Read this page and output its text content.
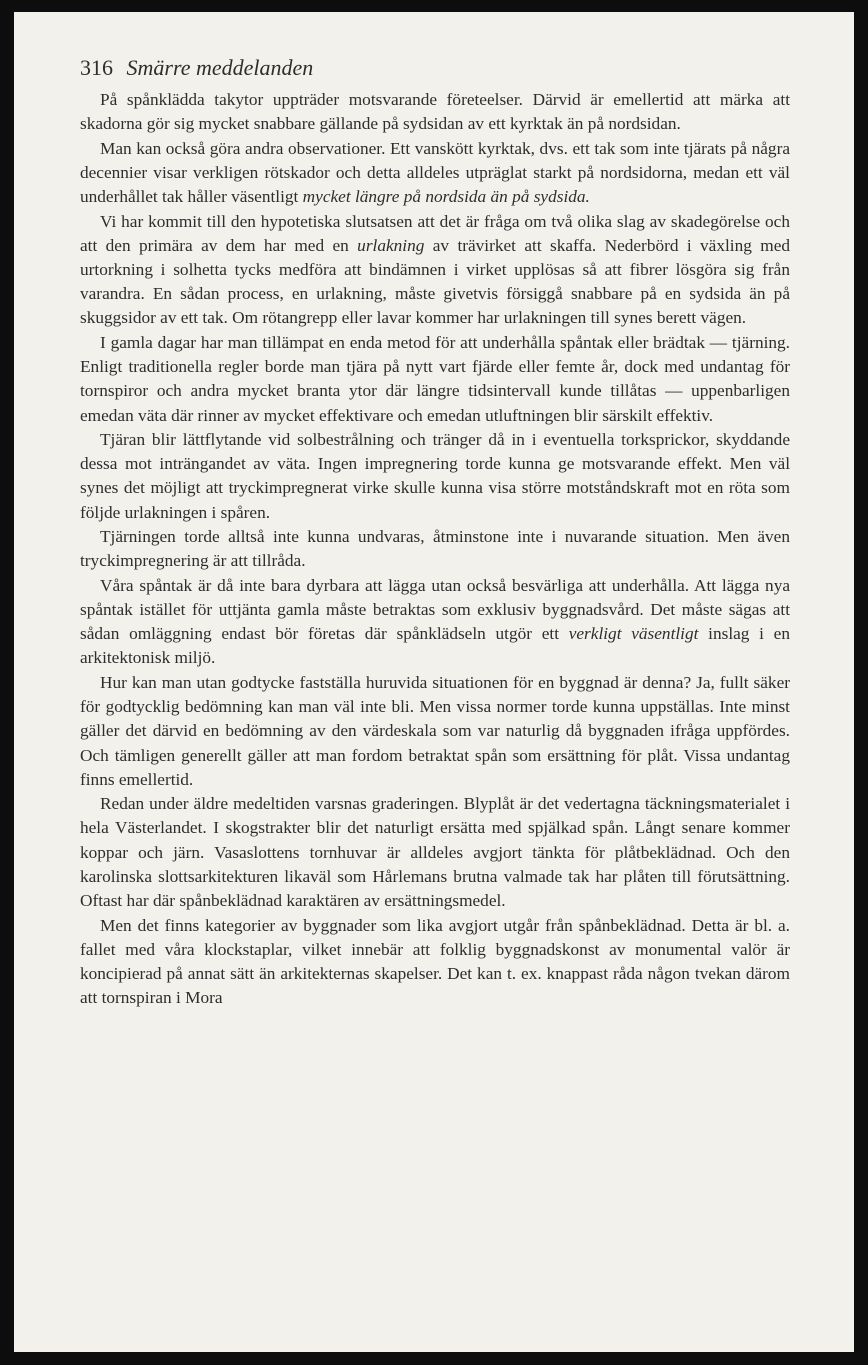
316 Smärre meddelanden

På spånklädda takytor uppträder motsvarande företeelser. Därvid är emellertid att märka att skadorna gör sig mycket snabbare gällande på sydsidan av ett kyrktak än på nordsidan.

Man kan också göra andra observationer. Ett vanskött kyrktak, dvs. ett tak som inte tjärats på några decennier visar verkligen rötskador och detta alldeles utpräglat starkt på nordsidorna, medan ett väl underhållet tak håller väsentligt mycket längre på nordsida än på sydsida.

Vi har kommit till den hypotetiska slutsatsen att det är fråga om två olika slag av skadegörelse och att den primära av dem har med en urlakning av trävirket att skaffa. Nederbörd i växling med urtorkning i solhetta tycks medföra att bindämnen i virket upplösas så att fibrer lösgöra sig från varandra. En sådan process, en urlakning, måste givetvis försiggå snabbare på en sydsida än på skuggsidor av ett tak. Om rötangrepp eller lavar kommer har urlakningen till synes berett vägen.

I gamla dagar har man tillämpat en enda metod för att underhålla spåntak eller brädtak — tjärning. Enligt traditionella regler borde man tjära på nytt vart fjärde eller femte år, dock med undantag för tornspiror och andra mycket branta ytor där längre tidsintervall kunde tillåtas — uppenbarligen emedan väta där rinner av mycket effektivare och emedan utluftningen blir särskilt effektiv.

Tjäran blir lättflytande vid solbestrålning och tränger då in i eventuella torksprickor, skyddande dessa mot inträngandet av väta. Ingen impregnering torde kunna ge motsvarande effekt. Men väl synes det möjligt att tryckimpregnerat virke skulle kunna visa större motståndskraft mot en röta som följde urlakningen i spåren.

Tjärningen torde alltså inte kunna undvaras, åtminstone inte i nuvarande situation. Men även tryckimpregnering är att tillråda.

Våra spåntak är då inte bara dyrbara att lägga utan också besvärliga att underhålla. Att lägga nya spåntak istället för uttjänta gamla måste betraktas som exklusiv byggnadsvård. Det måste sägas att sådan omläggning endast bör företas där spånklädseln utgör ett verkligt väsentligt inslag i en arkitektonisk miljö.

Hur kan man utan godtycke fastställa huruvida situationen för en byggnad är denna? Ja, fullt säker för godtycklig bedömning kan man väl inte bli. Men vissa normer torde kunna uppställas. Inte minst gäller det därvid en bedömning av den värdeskala som var naturlig då byggnaden ifråga uppfördes. Och tämligen generellt gäller att man fordom betraktat spån som ersättning för plåt. Vissa undantag finns emellertid.

Redan under äldre medeltiden varsnas graderingen. Blyplåt är det vedertagna täckningsmaterialet i hela Västerlandet. I skogstrakter blir det naturligt ersätta med spjälkad spån. Långt senare kommer koppar och järn. Vasaslottens tornhuvar är alldeles avgjort tänkta för plåtbeklädnad. Och den karolinska slottsarkitekturen likaväl som Hårlemans brutna valmade tak har plåten till förutsättning. Oftast har där spånbeklädnad karaktären av ersättningsmedel.

Men det finns kategorier av byggnader som lika avgjort utgår från spånbeklädnad. Detta är bl. a. fallet med våra klockstaplar, vilket innebär att folklig byggnadskonst av monumental valör är koncipierad på annat sätt än arkitekternas skapelser. Det kan t. ex. knappast råda någon tvekan därom att tornspiran i Mora
